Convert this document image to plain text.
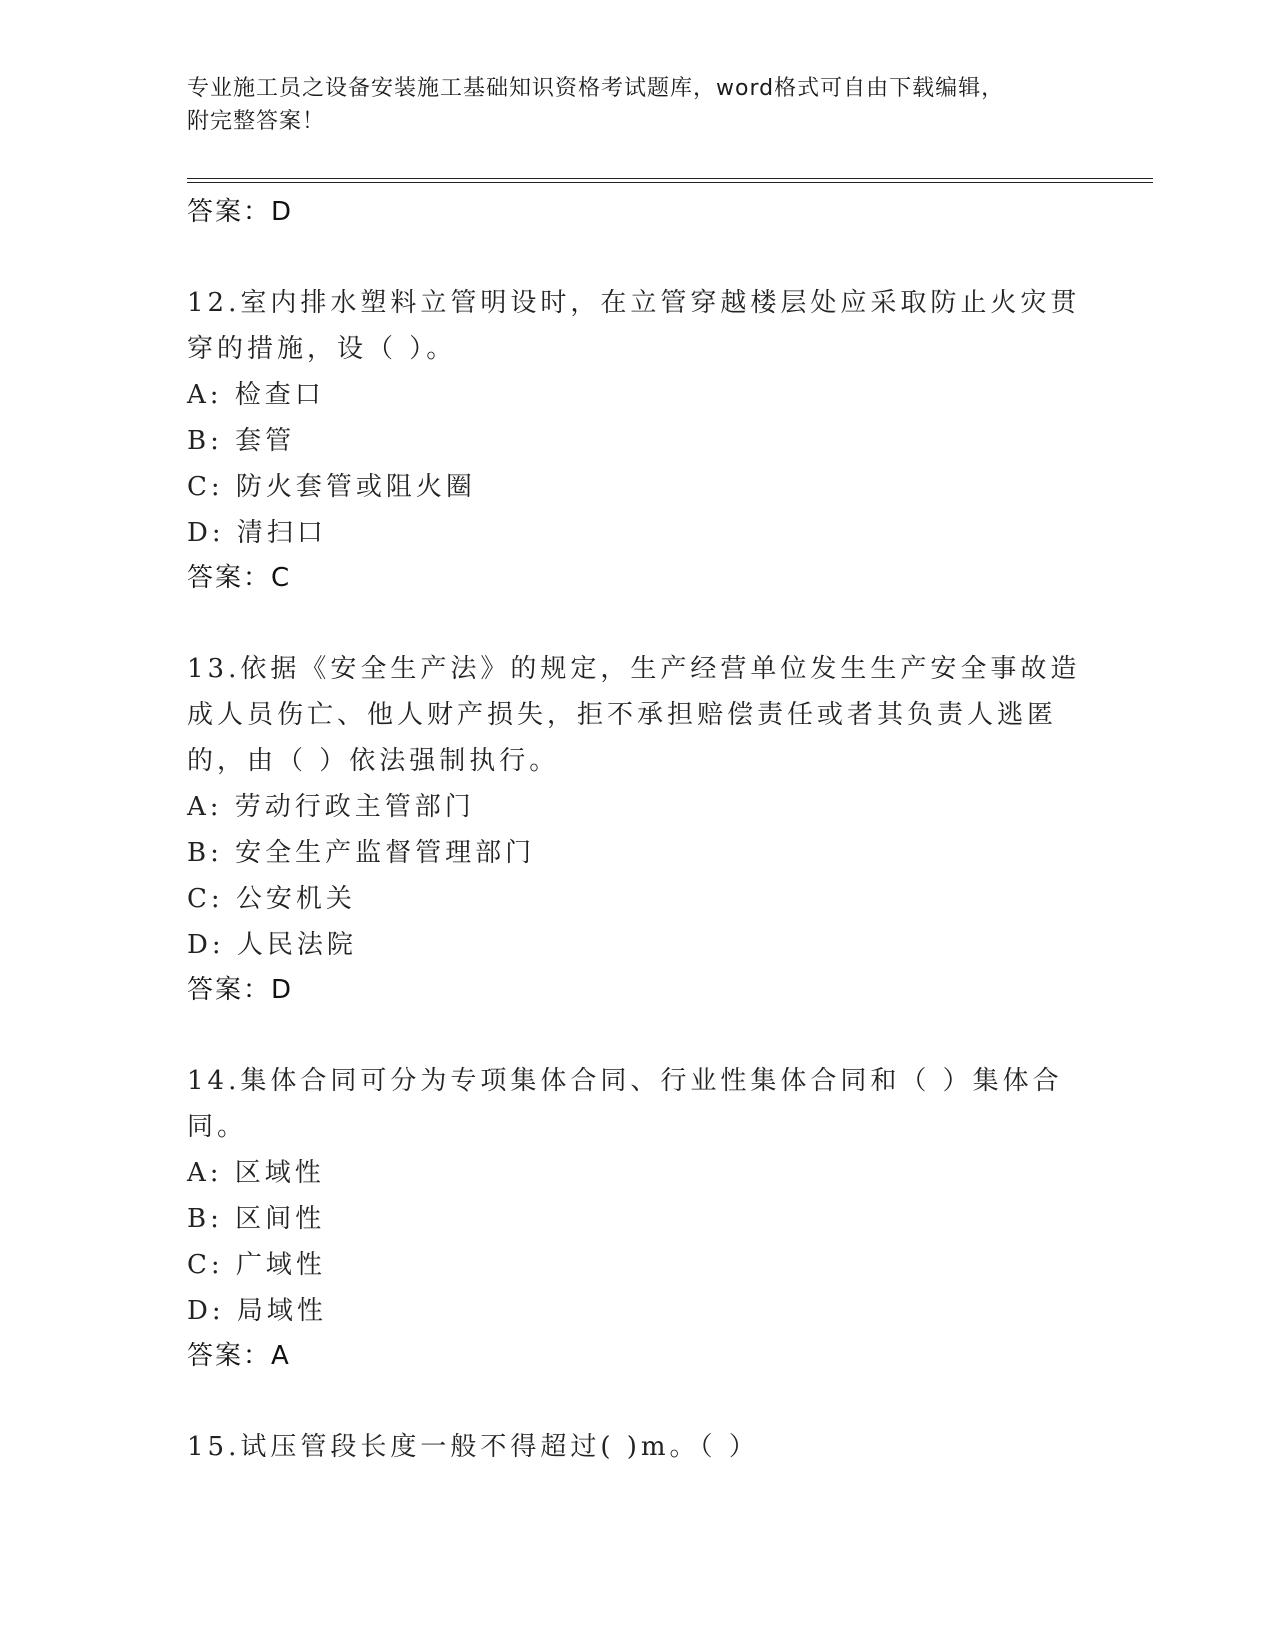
专业施工员之设备安装施工基础知识资格考试题库，word格式可自由下载编辑，
附完整答案！
答案：D
12.室内排水塑料立管明设时，在立管穿越楼层处应采取防止火灾贯穿的措施，设（ ）。
A: 检查口
B: 套管
C: 防火套管或阻火圈
D: 清扫口
答案：C
13.依据《安全生产法》的规定，生产经营单位发生生产安全事故造成人员伤亡、他人财产损失，拒不承担赔偿责任或者其负责人逃匿的，由（ ）依法强制执行。
A: 劳动行政主管部门
B: 安全生产监督管理部门
C: 公安机关
D: 人民法院
答案：D
14.集体合同可分为专项集体合同、行业性集体合同和（ ）集体合同。
A: 区域性
B: 区间性
C: 广域性
D: 局域性
答案：A
15.试压管段长度一般不得超过( )m。（ ）
